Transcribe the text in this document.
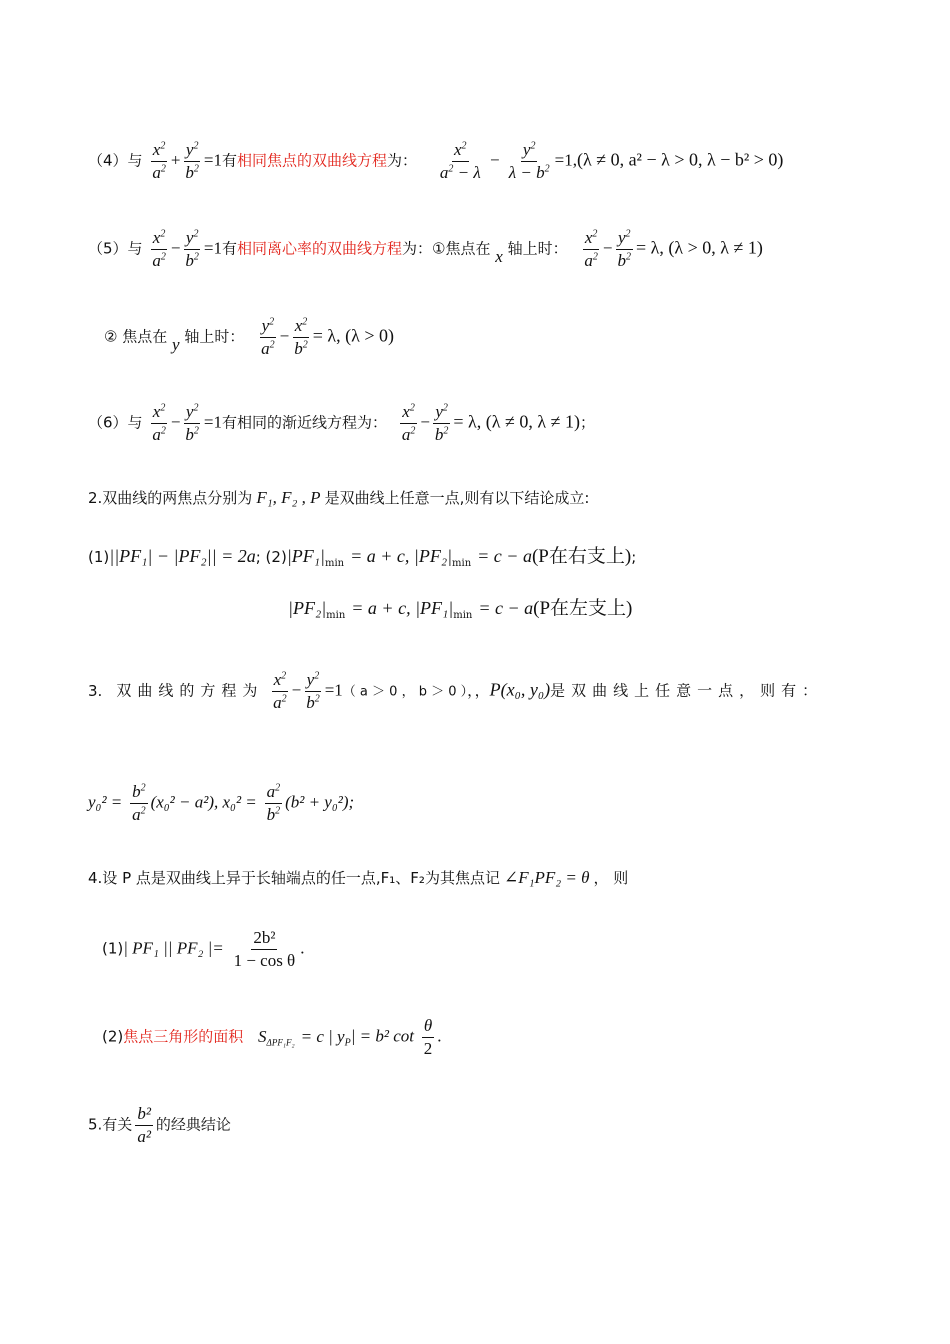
（4）与 $\frac{x^2}{a^2} + \frac{y^2}{b^2} =1$有相同焦点的双曲线方程为： $\frac{x^2}{a^2 - \lambda} - \frac{y^2}{\lambda - b^2} =1,(\lambda \ne 0$, a² − λ > 0, λ − b² > 0)
（5）与 $\frac{x^2}{a^2} - \frac{y^2}{b^2} =1$有相同离心率的双曲线方程为：①焦点在 x 轴上时： $\frac{x^2}{a^2} - \frac{y^2}{b^2} = \lambda$, (λ > 0, λ ≠ 1)
② 焦点在 y 轴上时： $\frac{y^2}{a^2} - \frac{x^2}{b^2} = \lambda$, (λ > 0)
（6）与 $\frac{x^2}{a^2} - \frac{y^2}{b^2} =1$有相同的渐近线方程为： $\frac{x^2}{a^2} - \frac{y^2}{b^2} = \lambda$, (λ ≠ 0, λ ≠ 1)；
2.双曲线的两焦点分别为 F₁, F₂ , P 是双曲线上任意一点,则有以下结论成立:
(1)||PF₁| − |PF₂|| = 2a; $(2)|PF_1|_{min} = a + c$, $|PF_2|_{min} = c - a(P$在右支上);
$|PF_2|_{min} = a + c$, $|PF_1|_{min} = c - a(P$在左支上)
3. 双曲线的方程为 $\frac{x^2}{a^2} - \frac{y^2}{b^2} =1$（ a ＞ 0 ， b ＞ 0 ），，P(x₀, y₀)是双曲线上任意一点，则有：
$y_0^2 = \frac{b^2}{a^2} (x_0^2 - a^2)$, $x_0^2 = \frac{a^2}{b^2} (b^2 + y_0^2)$;
4.设 P 点是双曲线上异于长轴端点的任一点,F₁、F₂为其焦点记 ∠F₁PF₂ = θ ， 则
(1)| PF₁ || PF₂ |= $\frac{\text{2b²}}{\text{1 − cos θ}}$ .
(2)焦点三角形的面积 $S_{\Delta PF_1F_2} = c$ | $y_P| = b^2$ $\cot \frac{\theta}{2}$ .
5.有关 $\frac{\text{b²}}{\text{a²}}$ 的经典结论
